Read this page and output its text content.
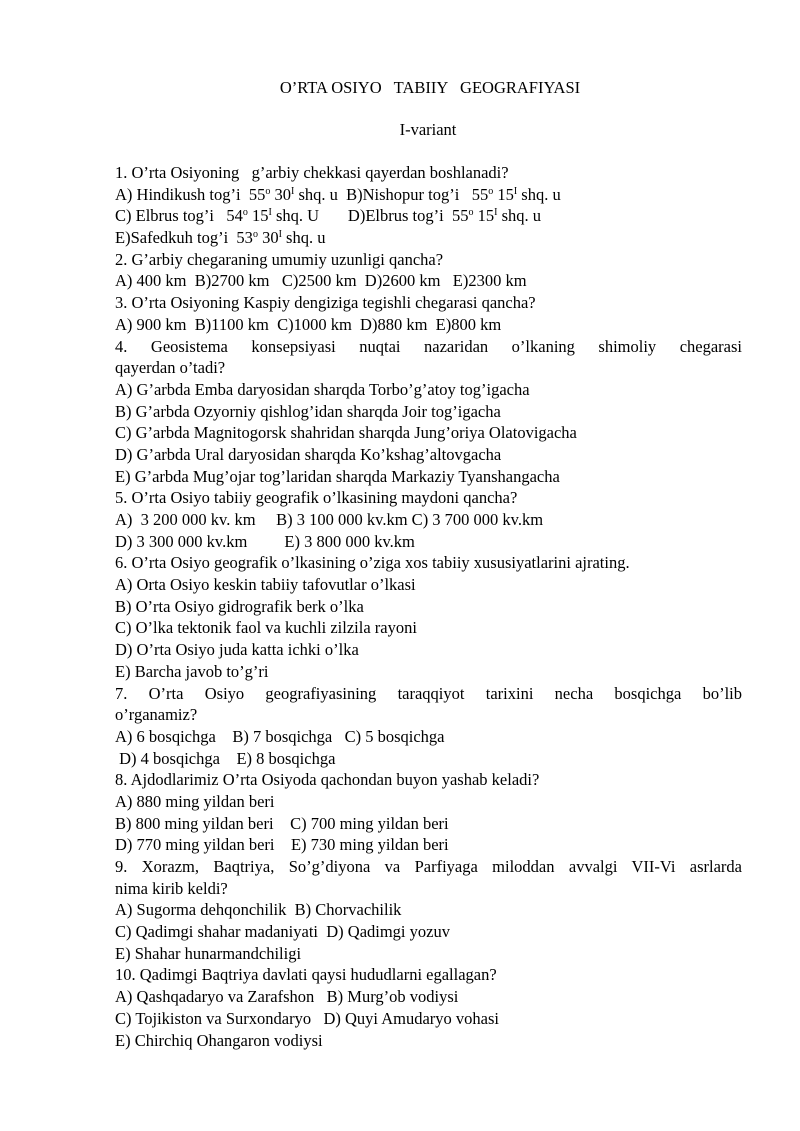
O’RTA OSIYO   TABIIY   GEOGRAFIYASI
I-variant
1. O’rta Osiyoning   g’arbiy chekkasi qayerdan boshlanadi?
A) Hindikush tog’i  55$^o$ $30^I$ shq. u  B)Nishopur tog’i   55$^o$ $15^I$ shq. u
C) Elbrus tog’i   54$^o$ $15^I$ shq. U       D)Elbrus tog’i  55$^o$ $15^I$ shq. u
E)Safedkuh tog’i  53$^o$ $30^I$ shq. u
2. G’arbiy chegaraning umumiy uzunligi qancha?
A) 400 km  B)2700 km   C)2500 km  D)2600 km   E)2300 km
3. O’rta Osiyoning Kaspiy dengiziga tegishli chegarasi qancha?
A) 900 km  B)1100 km  C)1000 km  D)880 km  E)800 km
4. Geosistema konsepsiyasi nuqtai nazaridan o’lkaning shimoliy chegarasi
qayerdan o’tadi?
A) G’arbda Emba daryosidan sharqda Torbo’g’atoy tog’igacha
B) G’arbda Ozyorniy qishlog’idan sharqda Joir tog’igacha
C) G’arbda Magnitogorsk shahridan sharqda Jung’oriya Olatovigacha
D) G’arbda Ural daryosidan sharqda Ko’kshag’altovgacha
E) G’arbda Mug’ojar tog’laridan sharqda Markaziy Tyanshangacha
5. O’rta Osiyo tabiiy geografik o’lkasining maydoni qancha?
A)  3 200 000 kv. km     B) 3 100 000 kv.km C) 3 700 000 kv.km
D) 3 300 000 kv.km         E) 3 800 000 kv.km
6. O’rta Osiyo geografik o’lkasining o’ziga xos tabiiy xususiyatlarini ajrating.
A) Orta Osiyo keskin tabiiy tafovutlar o’lkasi
B) O’rta Osiyo gidrografik berk o’lka
C) O’lka tektonik faol va kuchli zilzila rayoni
D) O’rta Osiyo juda katta ichki o’lka
E) Barcha javob to’g’ri
7. O’rta Osiyo geografiyasining taraqqiyot tarixini necha bosqichga bo’lib
o’rganamiz?
A) 6 bosqichga    B) 7 bosqichga   C) 5 bosqichga
D) 4 bosqichga    E) 8 bosqichga
8. Ajdodlarimiz O’rta Osiyoda qachondan buyon yashab keladi?
A) 880 ming yildan beri
B) 800 ming yildan beri    C) 700 ming yildan beri
D) 770 ming yildan beri    E) 730 ming yildan beri
9. Xorazm, Baqtriya, So’g’diyona va Parfiyaga miloddan avvalgi VII-Vi asrlarda
nima kirib keldi?
A) Sugorma dehqonchilik  B) Chorvachilik
C) Qadimgi shahar madaniyati  D) Qadimgi yozuv
E) Shahar hunarmandchiligi
10. Qadimgi Baqtriya davlati qaysi hududlarni egallagan?
A) Qashqadaryo va Zarafshon   B) Murg’ob vodiysi
C) Tojikiston va Surxondaryo   D) Quyi Amudaryo vohasi
E) Chirchiq Ohangaron vodiysi
